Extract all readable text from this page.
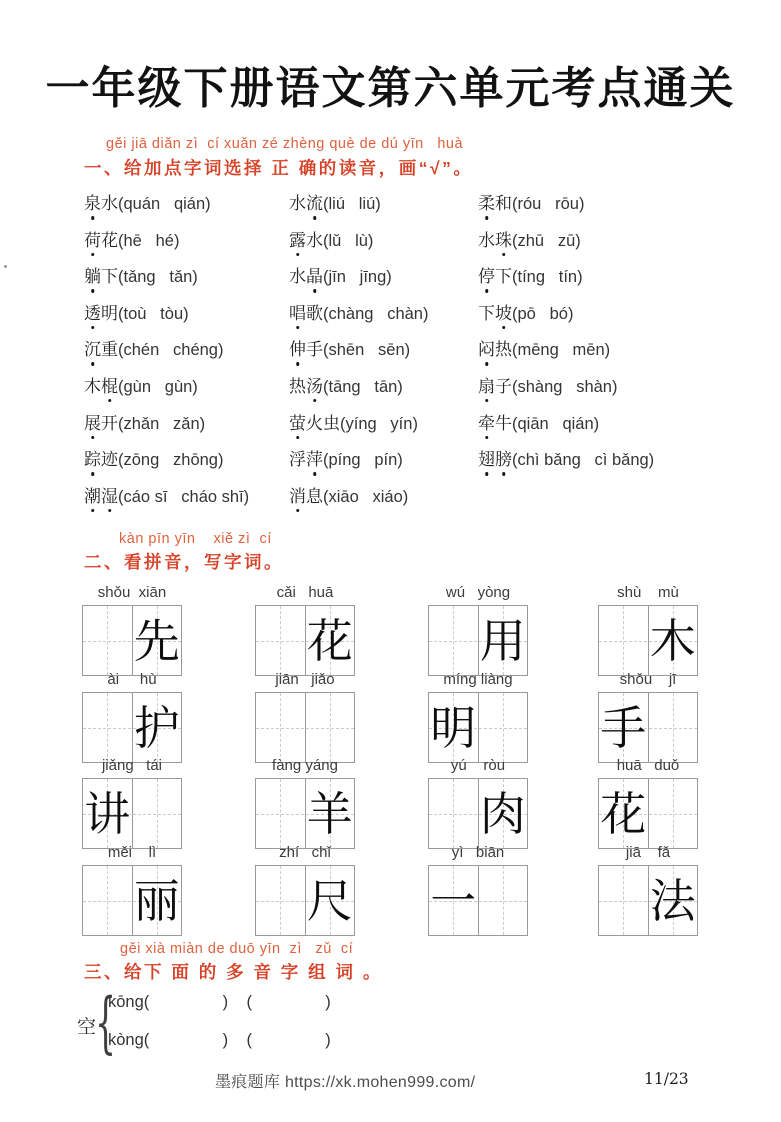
一年级下册语文第六单元考点通关
gěi jiā diǎn zì  cí xuǎn zé zhèng què de dú yīn   huà
一、给加点字词选择 正 确的读音，画“√”。
泉水(quán   qián)
荷花(hē   hé)
躺下(tǎng   tǎn)
透明(toù   tòu)
沉重(chén   chéng)
木棍(gùn   gùn)
展开(zhǎn   zǎn)
踪迹(zōng   zhōng)
潮湿(cáo sī   cháo shī)
水流(liú   liú)
露水(lǔ   lù)
水晶(jīn   jīng)
唱歌(chàng   chàn)
伸手(shēn   sēn)
热汤(tāng   tān)
萤火虫(yíng   yín)
浮萍(píng   pín)
消息(xiāo   xiáo)
柔和(róu   rōu)
水珠(zhū   zū)
停下(tíng   tín)
下坡(pō   bó)
闷热(mēng   mēn)
扇子(shàng   shàn)
牵牛(qiān   qián)
翅膀(chì bǎng   cì bǎng)
kàn pīn yīn    xiě zì  cí
二、看拼音，写字词。
shǒu  xiān
先
cǎi   huā
花
wú   yòng
用
shù    mù
木
ài     hù
护
jiān   jiǎo	míng liàng
明
shǒu    jī
手
jiǎng   tái
讲
fàng yáng
羊
yú    ròu
肉
huā   duǒ
花
měi    lì
丽
zhí   chǐ
尺
yì   biān
一
jiā    fǎ
法
gěi xià miàn de duō yīn  zì   zǔ  cí
三、给下 面 的 多 音 字 组 词 。
空
{
kōng(                )    (                )
kòng(                )    (                )
墨痕题库 https://xk.mohen999.com/	11/23
